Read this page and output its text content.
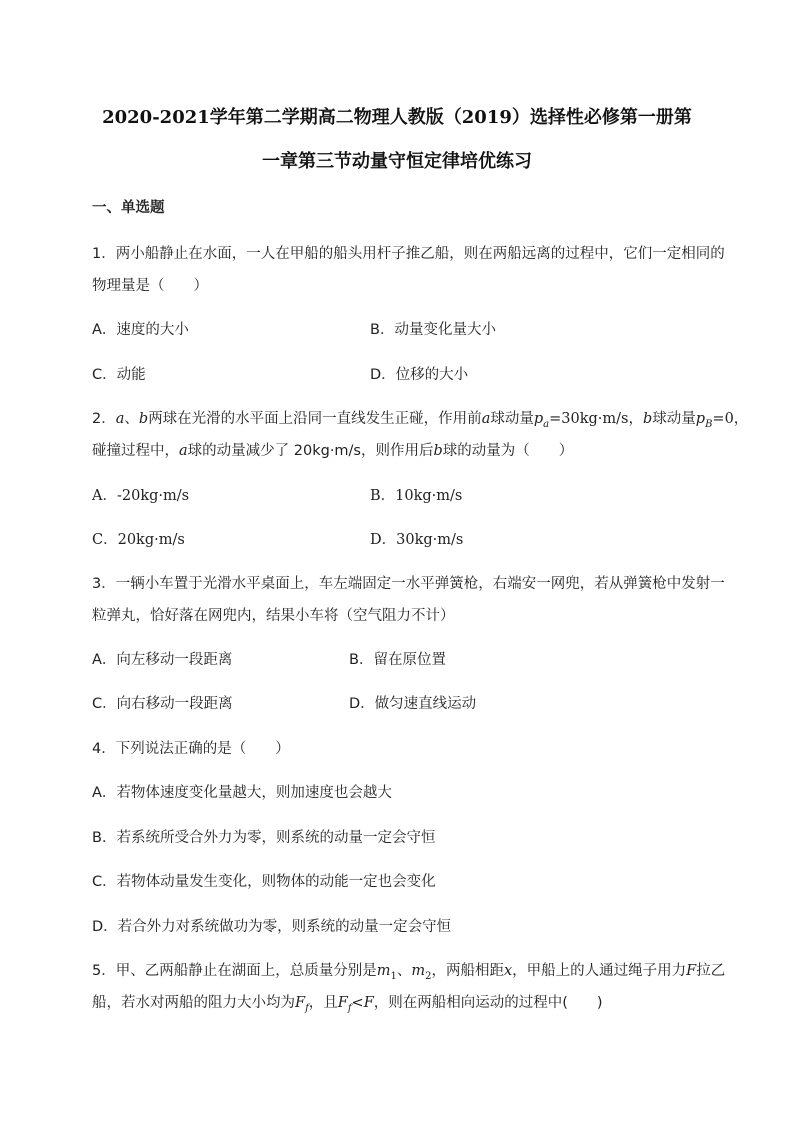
2020-2021学年第二学期高二物理人教版（2019）选择性必修第一册第
一章第三节动量守恒定律培优练习
一、单选题
1．两小船静止在水面，一人在甲船的船头用杆子推乙船，则在两船远离的过程中，它们一定相同的
物理量是（　　）
A．速度的大小	B．动量变化量大小
C．动能	D．位移的大小
2．a、b两球在光滑的水平面上沿同一直线发生正碰，作用前a球动量$p_a=30kg\cdot m/s$，b球动量$p_B=0$，
碰撞过程中，a球的动量减少了 20kg·m/s，则作用后b球的动量为（　　）
A．-20kg·m/s	B．10kg·m/s
C．20kg·m/s	D．30kg·m/s
3．一辆小车置于光滑水平桌面上，车左端固定一水平弹簧枪，右端安一网兜，若从弹簧枪中发射一
粒弹丸，恰好落在网兜内，结果小车将（空气阻力不计）
A．向左移动一段距离	B．留在原位置
C．向右移动一段距离	D．做匀速直线运动
4．下列说法正确的是（　　）
A．若物体速度变化量越大，则加速度也会越大
B．若系统所受合外力为零，则系统的动量一定会守恒
C．若物体动量发生变化，则物体的动能一定也会变化
D．若合外力对系统做功为零，则系统的动量一定会守恒
5．甲、乙两船静止在湖面上，总质量分别是$m_1$、$m_2$，两船相距x，甲船上的人通过绳子用力F拉乙
船，若水对两船的阻力大小均为$F_f$，且$F_f<F$，则在两船相向运动的过程中(　　)
